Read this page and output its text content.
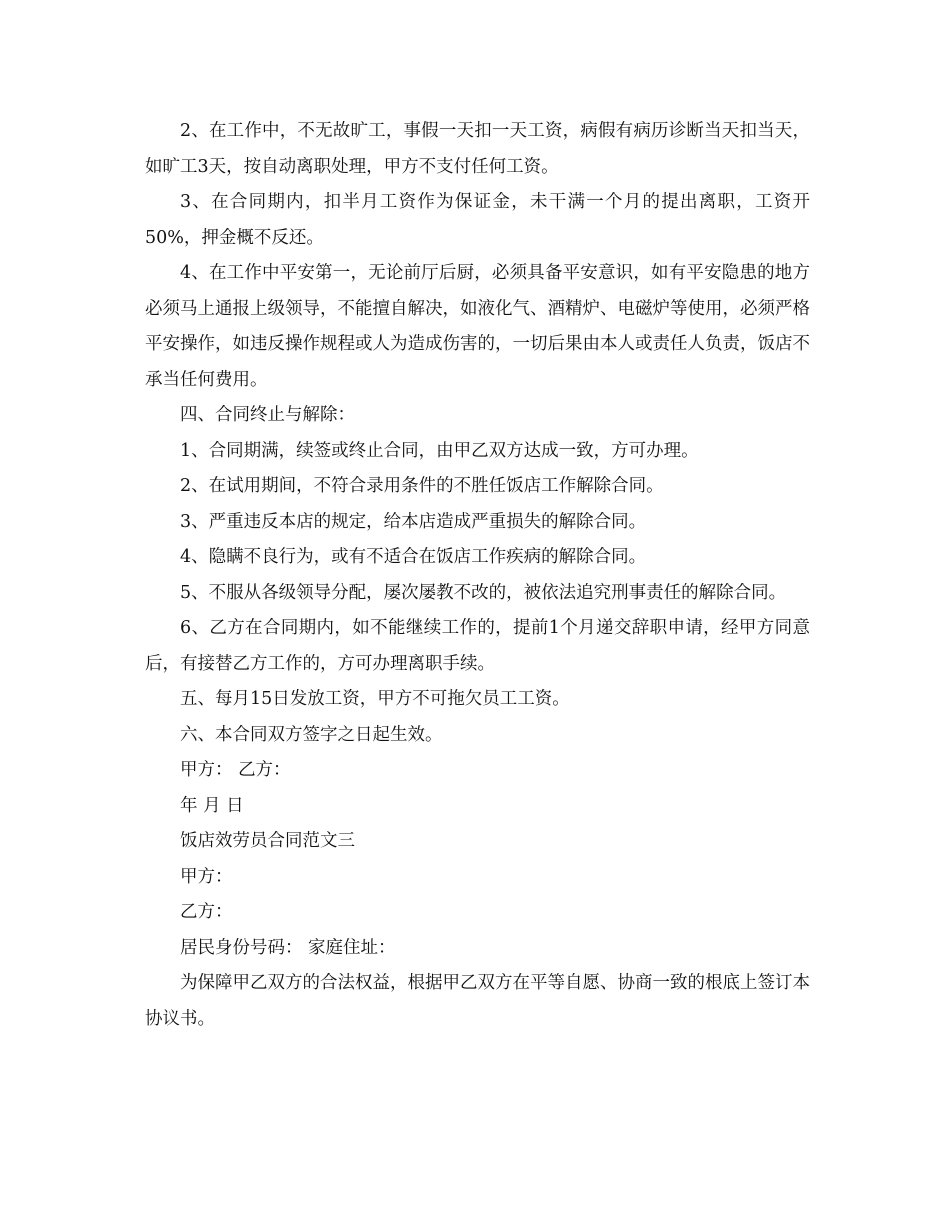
2、在工作中，不无故旷工，事假一天扣一天工资，病假有病历诊断当天扣当天，如旷工3天，按自动离职处理，甲方不支付任何工资。

3、在合同期内，扣半月工资作为保证金，未干满一个月的提出离职，工资开50%，押金概不反还。

4、在工作中平安第一，无论前厅后厨，必须具备平安意识，如有平安隐患的地方必须马上通报上级领导，不能擅自解决，如液化气、酒精炉、电磁炉等使用，必须严格平安操作，如违反操作规程或人为造成伤害的，一切后果由本人或责任人负责，饭店不承当任何费用。

四、合同终止与解除：

1、合同期满，续签或终止合同，由甲乙双方达成一致，方可办理。

2、在试用期间，不符合录用条件的不胜任饭店工作解除合同。

3、严重违反本店的规定，给本店造成严重损失的解除合同。

4、隐瞒不良行为，或有不适合在饭店工作疾病的解除合同。

5、不服从各级领导分配，屡次屡教不改的，被依法追究刑事责任的解除合同。

6、乙方在合同期内，如不能继续工作的，提前1个月递交辞职申请，经甲方同意后，有接替乙方工作的，方可办理离职手续。

五、每月15日发放工资，甲方不可拖欠员工工资。

六、本合同双方签字之日起生效。

甲方： 乙方：

年 月 日

饭店效劳员合同范文三

甲方：

乙方：

居民身份号码： 家庭住址：

为保障甲乙双方的合法权益，根据甲乙双方在平等自愿、协商一致的根底上签订本协议书。
